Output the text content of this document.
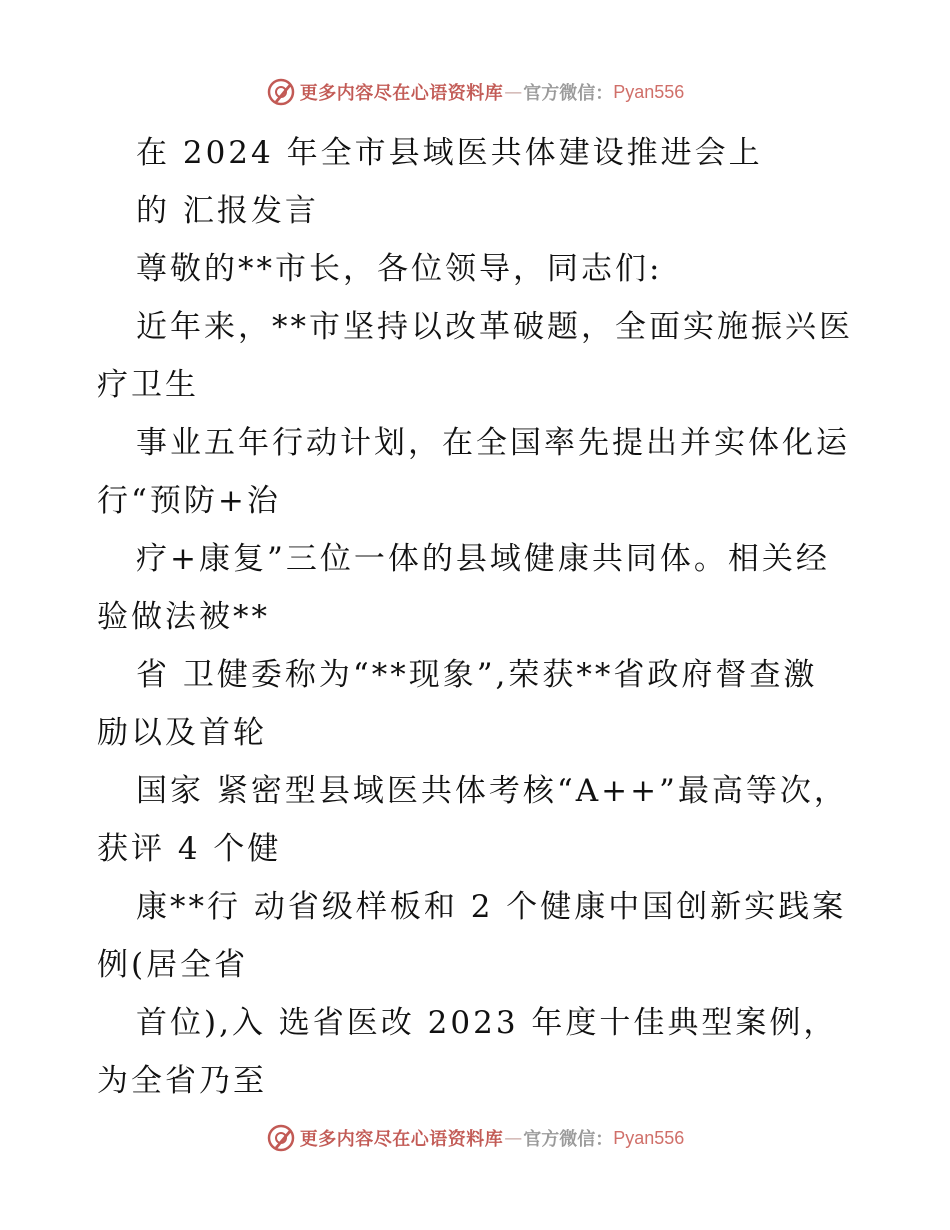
更多内容尽在心语资料库 — 官方微信： Pyan556
在 2024 年全市县域医共体建设推进会上
的 汇报发言
尊敬的**市长，各位领导，同志们:
近年来，**市坚持以改革破题，全面实施振兴医
疗卫生
事业五年行动计划，在全国率先提出并实体化运
行“预防+治
疗+康复”三位一体的县域健康共同体。相关经
验做法被**
省 卫健委称为“**现象”,荣获**省政府督查激
励以及首轮
国家 紧密型县域医共体考核“A++”最高等次，
获评 4 个健
康**行 动省级样板和 2 个健康中国创新实践案
例(居全省
首位),入 选省医改 2023 年度十佳典型案例，
为全省乃至
更多内容尽在心语资料库 — 官方微信： Pyan556
